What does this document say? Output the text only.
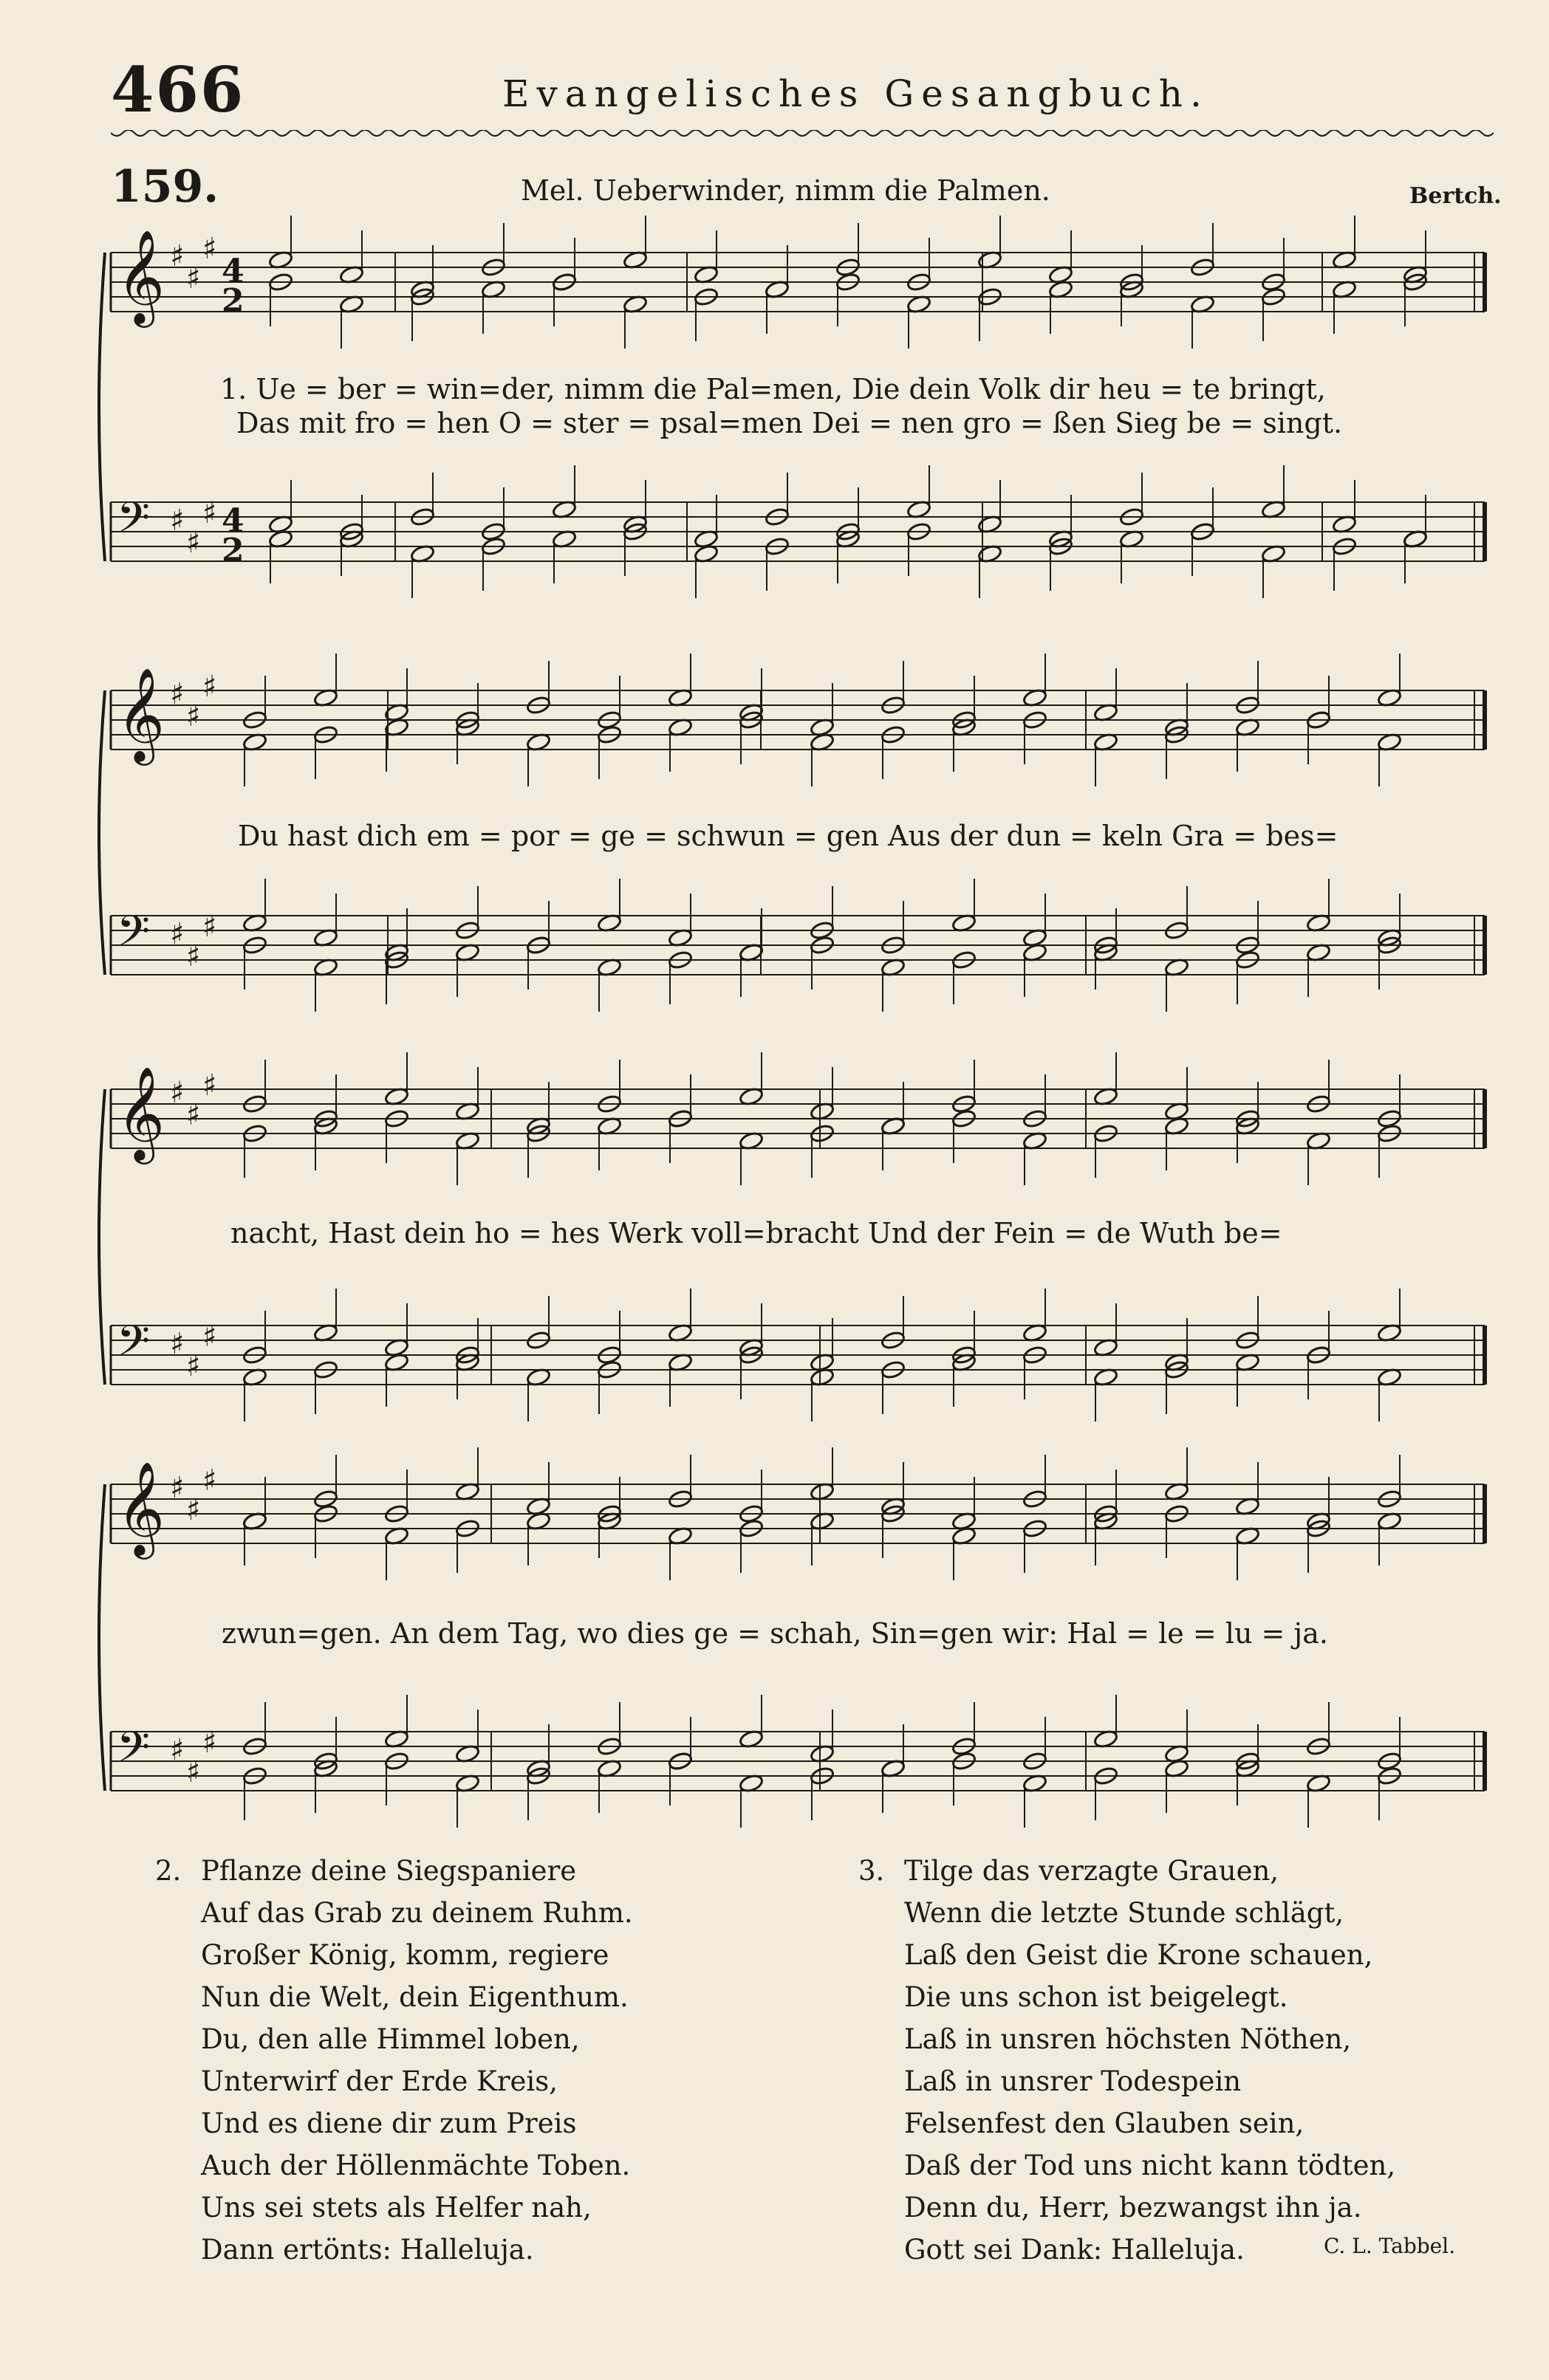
466	Evangelisches Gesangbuch.
159.	Mel. Ueberwinder, nimm die Palmen.	Bertch.
𝄞 ♯
♯
♯
4
2
𝄢 ♯
♯
♯ 4
2
𝄞 ♯
♯
♯
𝄢 ♯
♯
♯
𝄞 ♯
♯
♯
𝄢 ♯
♯
♯
𝄞 ♯
♯
♯
𝄢 ♯
♯
♯
1. Ue = ber = win=der, nimm die Pal=men, Die dein Volk dir heu = te bringt,
Das mit fro = hen O = ster = psal=men Dei = nen gro = ßen Sieg be = singt.
Du hast dich em = por = ge = schwun = gen Aus der dun = keln Gra = bes=
nacht, Hast dein ho = hes Werk voll=bracht Und der Fein = de Wuth be=
zwun=gen. An dem Tag, wo dies ge = schah, Sin=gen wir: Hal = le = lu = ja.
2. Pflanze deine Siegspaniere
Auf das Grab zu deinem Ruhm.
Großer König, komm, regiere
Nun die Welt, dein Eigenthum.
Du, den alle Himmel loben,
Unterwirf der Erde Kreis,
Und es diene dir zum Preis
Auch der Höllenmächte Toben.
Uns sei stets als Helfer nah,
Dann ertönts: Halleluja.
3. Tilge das verzagte Grauen,
Wenn die letzte Stunde schlägt,
Laß den Geist die Krone schauen,
Die uns schon ist beigelegt.
Laß in unsren höchsten Nöthen,
Laß in unsrer Todespein
Felsenfest den Glauben sein,
Daß der Tod uns nicht kann tödten,
Denn du, Herr, bezwangst ihn ja.
Gott sei Dank: Halleluja.	C. L. Tabbel.
